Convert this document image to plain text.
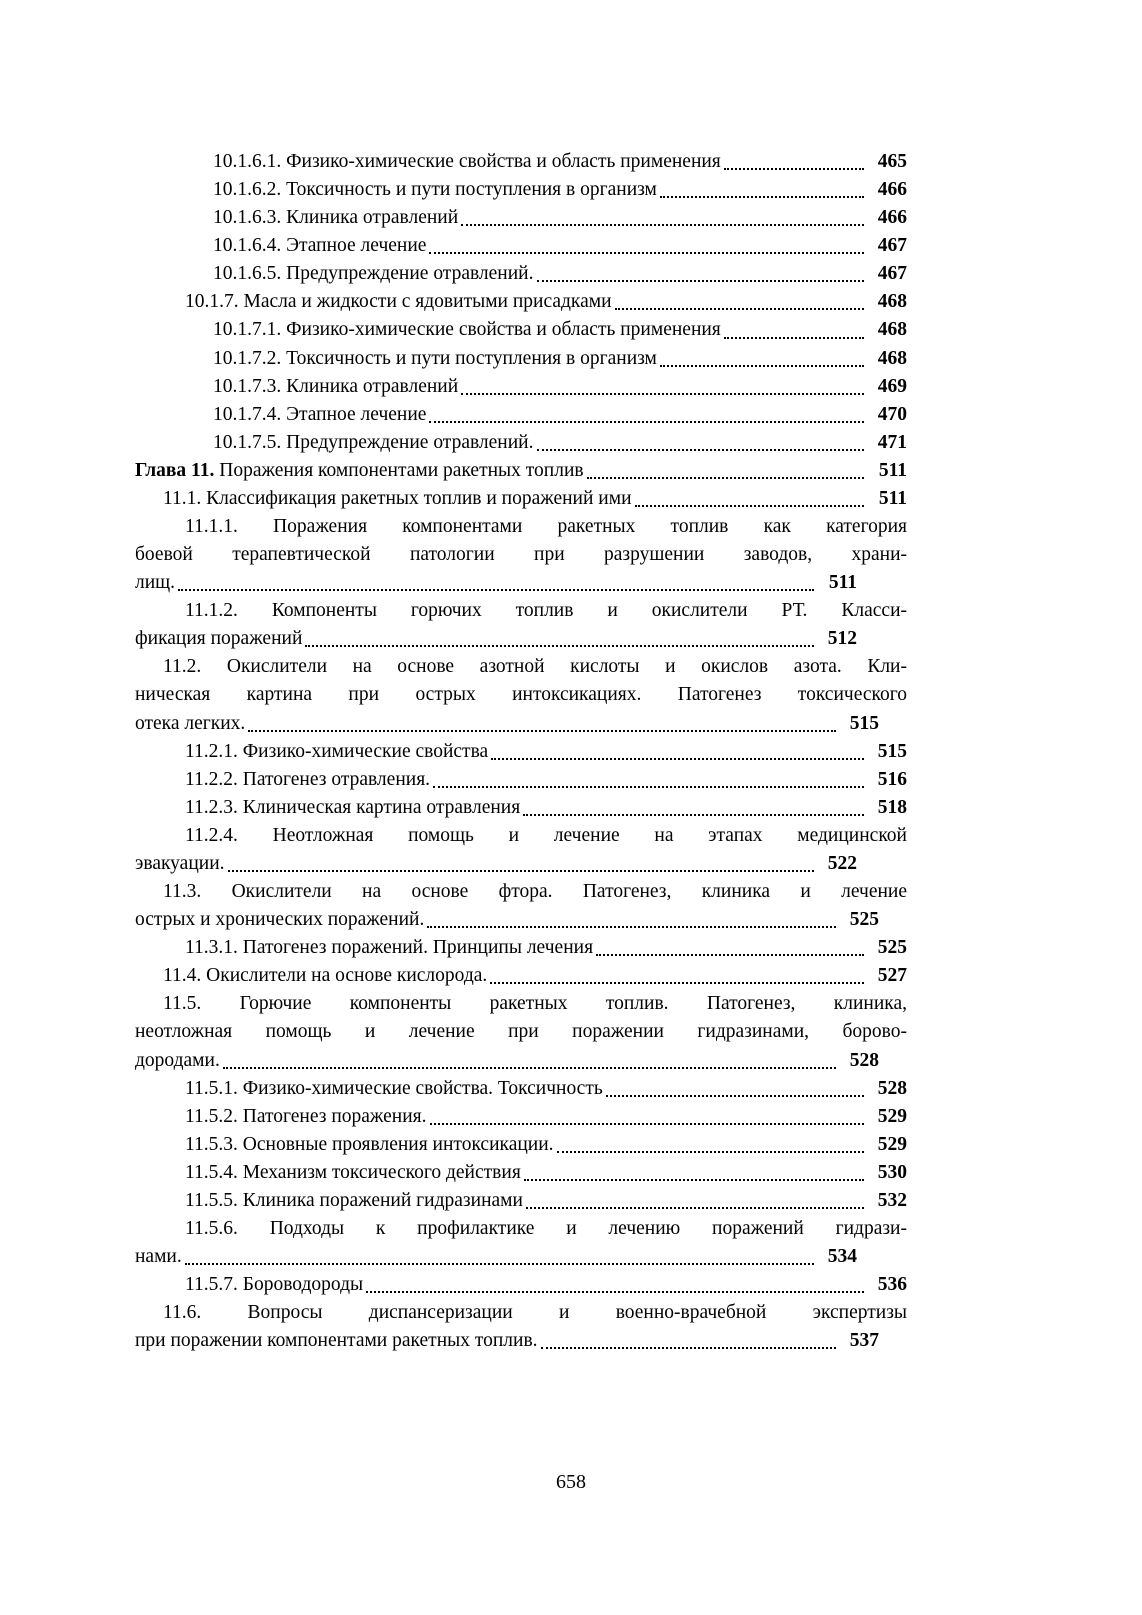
10.1.6.1. Физико-химические свойства и область применения	465
10.1.6.2. Токсичность и пути поступления в организм	466
10.1.6.3. Клиника отравлений	466
10.1.6.4. Этапное лечение	467
10.1.6.5. Предупреждение отравлений.	467
10.1.7. Масла и жидкости с ядовитыми присадками	468
10.1.7.1. Физико-химические свойства и область применения	468
10.1.7.2. Токсичность и пути поступления в организм	468
10.1.7.3. Клиника отравлений	469
10.1.7.4. Этапное лечение	470
10.1.7.5. Предупреждение отравлений.	471
Глава 11. Поражения компонентами ракетных топлив	511
11.1. Классификация ракетных топлив и поражений ими	511
11.1.1. Поражения компонентами ракетных топлив как категория
боевой терапевтической патологии при разрушении заводов, храни-
лищ.	511
11.1.2. Компоненты горючих топлив и окислители РТ. Класси-
фикация поражений	512
11.2. Окислители на основе азотной кислоты и окислов азота. Кли-
ническая картина при острых интоксикациях. Патогенез токсического
отека легких.	515
11.2.1. Физико-химические свойства	515
11.2.2. Патогенез отравления.	516
11.2.3. Клиническая картина отравления	518
11.2.4. Неотложная помощь и лечение на этапах медицинской
эвакуации.	522
11.3. Окислители на основе фтора. Патогенез, клиника и лечение
острых и хронических поражений.	525
11.3.1. Патогенез поражений. Принципы лечения	525
11.4. Окислители на основе кислорода.	527
11.5. Горючие компоненты ракетных топлив. Патогенез, клиника,
неотложная помощь и лечение при поражении гидразинами, борово-
дородами.	528
11.5.1. Физико-химические свойства. Токсичность	528
11.5.2. Патогенез поражения.	529
11.5.3. Основные проявления интоксикации.	529
11.5.4. Механизм токсического действия	530
11.5.5. Клиника поражений гидразинами	532
11.5.6. Подходы к профилактике и лечению поражений гидрази-
нами.	534
11.5.7. Бороводороды	536
11.6. Вопросы диспансеризации и военно-врачебной экспертизы
при поражении компонентами ракетных топлив.	537
658
